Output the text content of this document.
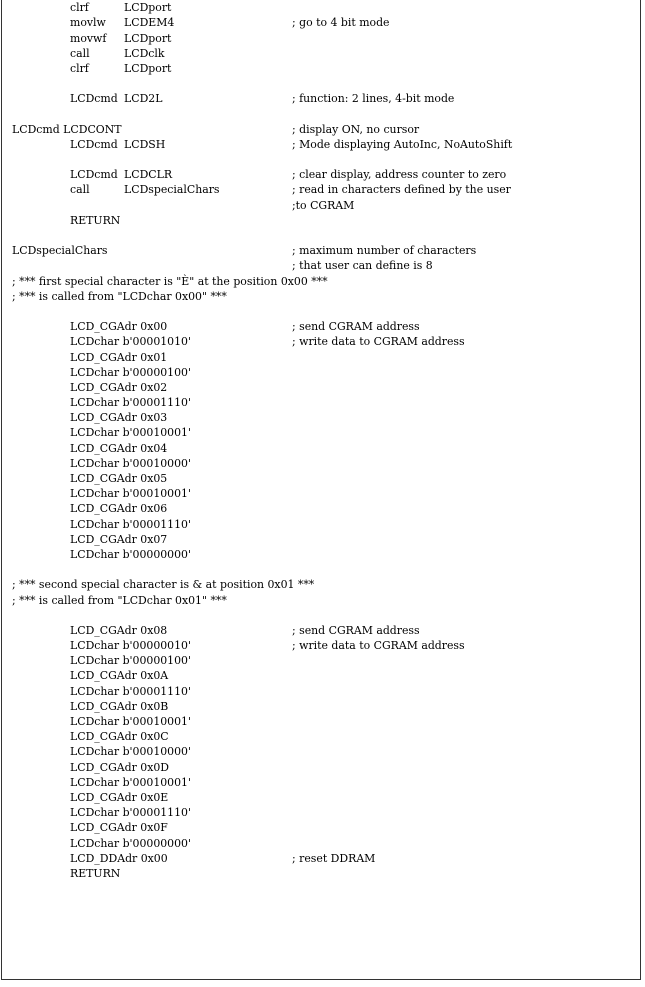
clrf	LCDport
movlw LCDEM4	; go to 4 bit mode
movwf LCDport
call	LCDclk
clrf	LCDport
LCDcmd LCD2L	; function: 2 lines, 4-bit mode
LCDcmd LCDCONT	; display ON, no cursor
LCDcmd LCDSH	; Mode displaying AutoInc, NoAutoShift
LCDcmd LCDCLR	; clear display, address counter to zero
call	LCDspecialChars	; read in characters defined by the user
;to CGRAM
RETURN
LCDspecialChars	; maximum number of characters
; that user can define is 8
; *** first special character is "È" at the position 0x00 ***
; *** is called from "LCDchar 0x00" ***
LCD_CGAdr 0x00	; send CGRAM address
LCDchar b'00001010'	; write data to CGRAM address
LCD_CGAdr 0x01
LCDchar b'00000100'
LCD_CGAdr 0x02
LCDchar b'00001110'
LCD_CGAdr 0x03
LCDchar b'00010001'
LCD_CGAdr 0x04
LCDchar b'00010000'
LCD_CGAdr 0x05
LCDchar b'00010001'
LCD_CGAdr 0x06
LCDchar b'00001110'
LCD_CGAdr 0x07
LCDchar b'00000000'
; *** second special character is & at position 0x01 ***
; *** is called from "LCDchar 0x01" ***
LCD_CGAdr 0x08	; send CGRAM address
LCDchar b'00000010'	; write data to CGRAM address
LCDchar b'00000100'
LCD_CGAdr 0x0A
LCDchar b'00001110'
LCD_CGAdr 0x0B
LCDchar b'00010001'
LCD_CGAdr 0x0C
LCDchar b'00010000'
LCD_CGAdr 0x0D
LCDchar b'00010001'
LCD_CGAdr 0x0E
LCDchar b'00001110'
LCD_CGAdr 0x0F
LCDchar b'00000000'
LCD_DDAdr 0x00	; reset DDRAM
RETURN
